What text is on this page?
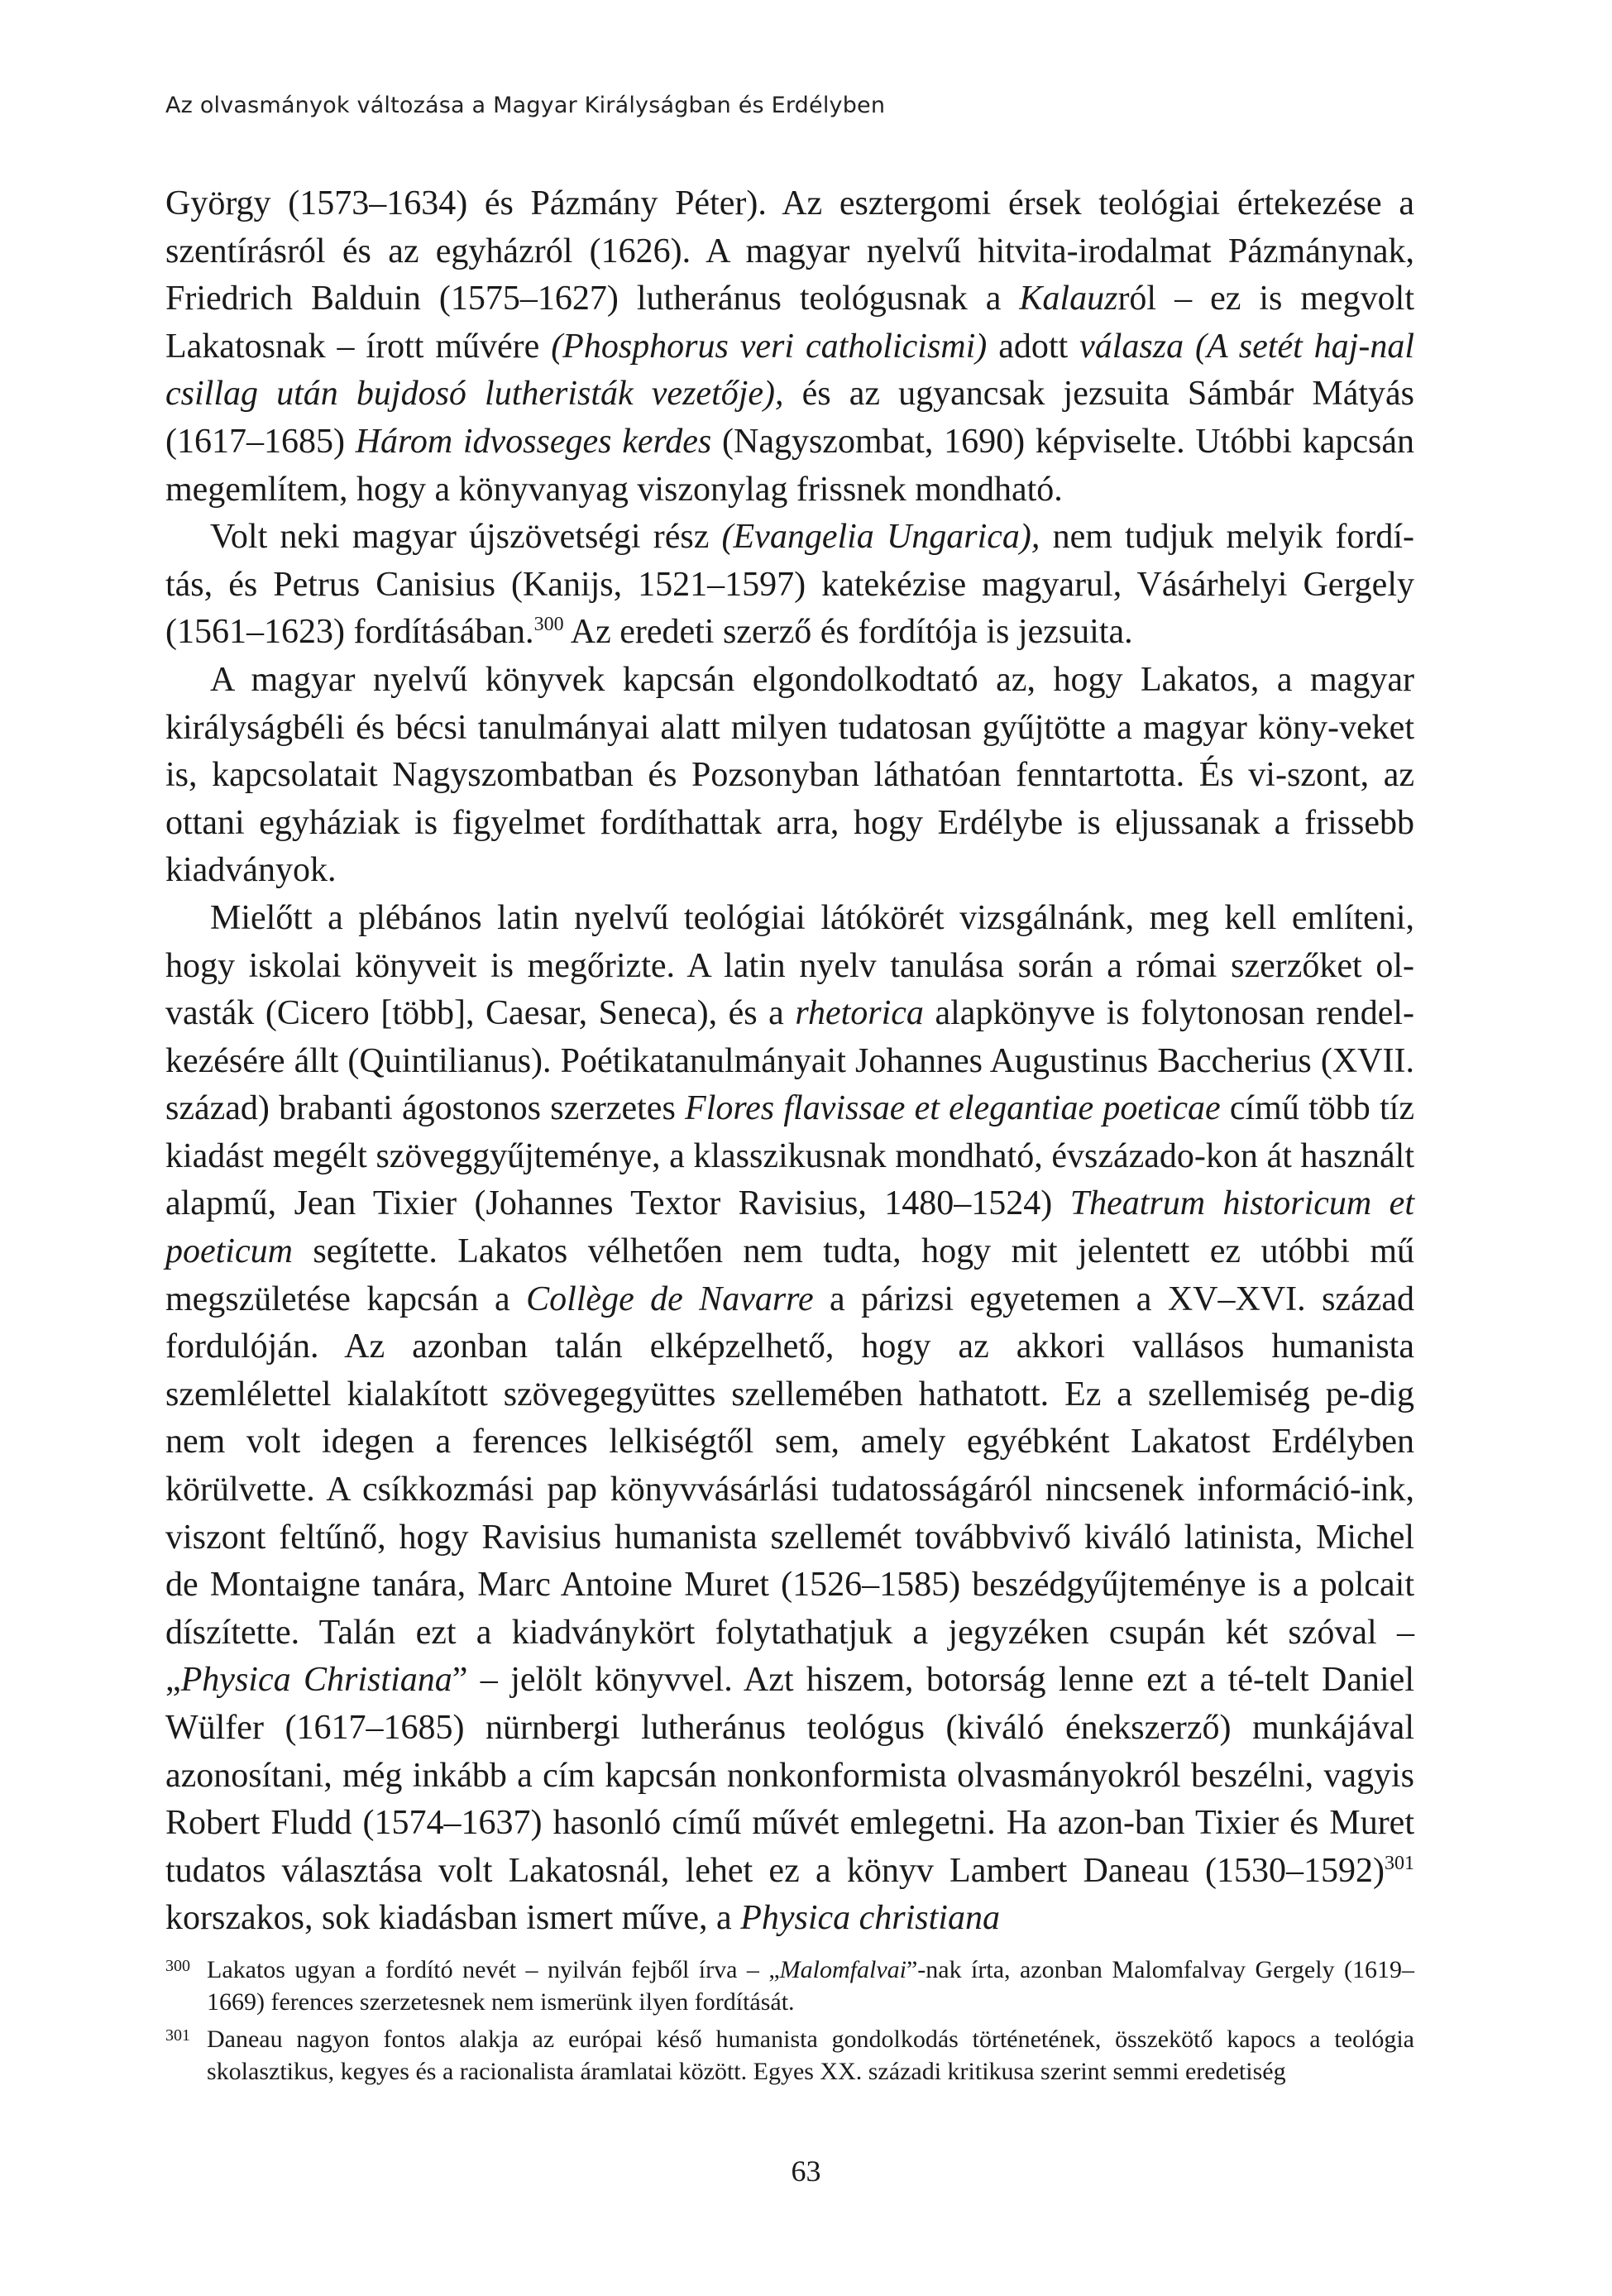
Az olvasmányok változása a Magyar Királyságban és Erdélyben

György (1573–1634) és Pázmány Péter). Az esztergomi érsek teológiai értekezése a szentírásról és az egyházról (1626). A magyar nyelvű hitvita-irodalmat Pázmánynak, Friedrich Balduin (1575–1627) lutheránus teológusnak a Kalauzról – ez is megvolt Lakatosnak – írott művére (Phosphorus veri catholicismi) adott válasza (A setét haj-nal csillag után bujdosó lutheristák vezetője), és az ugyancsak jezsuita Sámbár Mátyás (1617–1685) Három idvosseges kerdes (Nagyszombat, 1690) képviselte. Utóbbi kapcsán megemlítem, hogy a könyvanyag viszonylag frissnek mondható.

Volt neki magyar újszövetségi rész (Evangelia Ungarica), nem tudjuk melyik fordí-tás, és Petrus Canisius (Kanijs, 1521–1597) katekézise magyarul, Vásárhelyi Gergely (1561–1623) fordításában.$^{300}$ Az eredeti szerző és fordítója is jezsuita.

A magyar nyelvű könyvek kapcsán elgondolkodtató az, hogy Lakatos, a magyar királyságbéli és bécsi tanulmányai alatt milyen tudatosan gyűjtötte a magyar köny-veket is, kapcsolatait Nagyszombatban és Pozsonyban láthatóan fenntartotta. És vi-szont, az ottani egyháziak is figyelmet fordíthattak arra, hogy Erdélybe is eljussanak a frissebb kiadványok.

Mielőtt a plébános latin nyelvű teológiai látókörét vizsgálnánk, meg kell említeni, hogy iskolai könyveit is megőrizte. A latin nyelv tanulása során a római szerzőket ol-vasták (Cicero [több], Caesar, Seneca), és a rhetorica alapkönyve is folytonosan rendel-kezésére állt (Quintilianus). Poétikatanulmányait Johannes Augustinus Baccherius (XVII. század) brabanti ágostonos szerzetes Flores flavissae et elegantiae poeticae című több tíz kiadást megélt szöveggyűjteménye, a klasszikusnak mondható, évszázado-kon át használt alapmű, Jean Tixier (Johannes Textor Ravisius, 1480–1524) Theatrum historicum et poeticum segítette. Lakatos vélhetően nem tudta, hogy mit jelentett ez utóbbi mű megszületése kapcsán a Collège de Navarre a párizsi egyetemen a XV–XVI. század fordulóján. Az azonban talán elképzelhető, hogy az akkori vallásos humanista szemlélettel kialakított szövegegyüttes szellemében hathatott. Ez a szellemiség pe-dig nem volt idegen a ferences lelkiségtől sem, amely egyébként Lakatost Erdélyben körülvette. A csíkkozmási pap könyvvásárlási tudatosságáról nincsenek információ-ink, viszont feltűnő, hogy Ravisius humanista szellemét továbbvivő kiváló latinista, Michel de Montaigne tanára, Marc Antoine Muret (1526–1585) beszédgyűjteménye is a polcait díszítette. Talán ezt a kiadványkört folytathatjuk a jegyzéken csupán két szóval – „Physica Christiana” – jelölt könyvvel. Azt hiszem, botorság lenne ezt a té-telt Daniel Wülfer (1617–1685) nürnbergi lutheránus teológus (kiváló énekszerző) munkájával azonosítani, még inkább a cím kapcsán nonkonformista olvasmányokról beszélni, vagyis Robert Fludd (1574–1637) hasonló című művét emlegetni. Ha azon-ban Tixier és Muret tudatos választása volt Lakatosnál, lehet ez a könyv Lambert Daneau (1530–1592)$^{301}$ korszakos, sok kiadásban ismert műve, a Physica christiana

300 Lakatos ugyan a fordító nevét – nyilván fejből írva – „Malomfalvai”-nak írta, azonban Malomfalvay Gergely (1619–1669) ferences szerzetesnek nem ismerünk ilyen fordítását.
301 Daneau nagyon fontos alakja az európai késő humanista gondolkodás történetének, összekötő kapocs a teológia skolasztikus, kegyes és a racionalista áramlatai között. Egyes XX. századi kritikusa szerint semmi eredetiség
63
